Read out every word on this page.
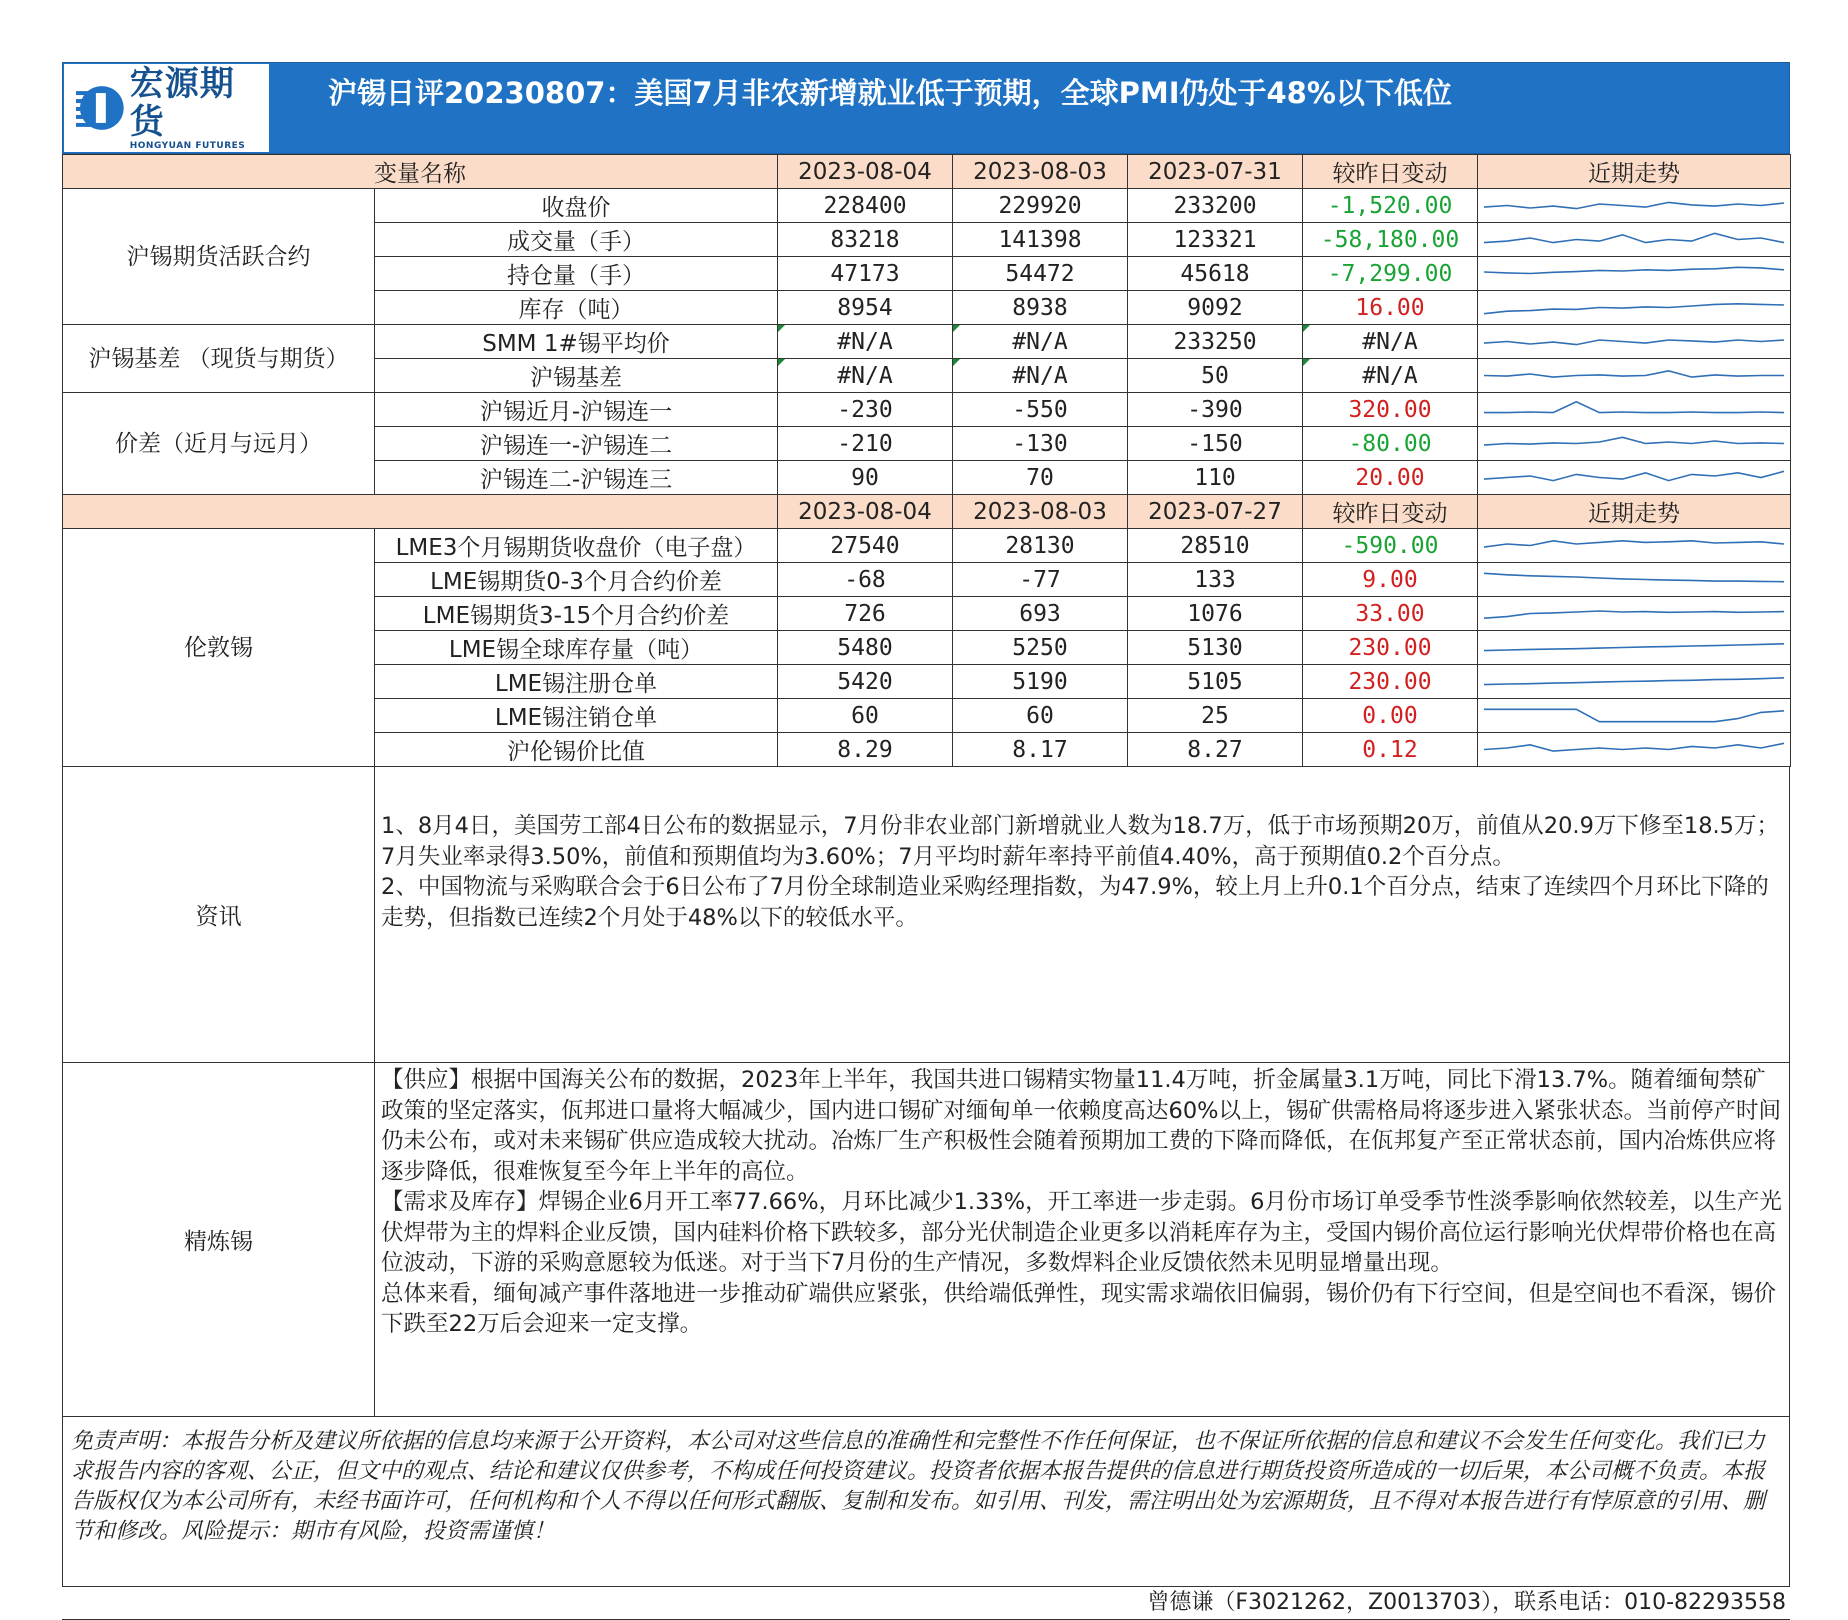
宏源期货
HONGYUAN FUTURES
沪锡日评20230807：美国7月非农新增就业低于预期，全球PMI仍处于48%以下低位
变量名称		2023-08-04	2023-08-03	2023-07-31	较昨日变动	近期走势
沪锡期货活跃合约	收盘价	228400	229920	233200	-1,520.00	

	成交量（手）	83218	141398	123321	-58,180.00	

	持仓量（手）	47173	54472	45618	-7,299.00	

	库存（吨）	8954	8938	9092	16.00	

沪锡基差 （现货与期货）	SMM 1#锡平均价	#N/A	#N/A	233250	#N/A	

	沪锡基差	#N/A	#N/A	50	#N/A	

价差（近月与远月）	沪锡近月-沪锡连一	-230	-550	-390	320.00	

	沪锡连一-沪锡连二	-210	-130	-150	-80.00	

	沪锡连二-沪锡连三	90	70	110	20.00	

		2023-08-04	2023-08-03	2023-07-27	较昨日变动	近期走势
伦敦锡	LME3个月锡期货收盘价（电子盘）	27540	28130	28510	-590.00	

	LME锡期货0-3个月合约价差	-68	-77	133	9.00	

	LME锡期货3-15个月合约价差	726	693	1076	33.00	

	LME锡全球库存量（吨）	5480	5250	5130	230.00	

	LME锡注册仓单	5420	5190	5105	230.00	

	LME锡注销仓单	60	60	25	0.00	

	沪伦锡价比值	8.29	8.17	8.27	0.12	
资讯

1、8月4日，美国劳工部4日公布的数据显示，7月份非农业部门新增就业人数为18.7万，低于市场预期20万，前值从20.9万下修至18.5万；7月失业率录得3.50%，前值和预期值均为3.60%；7月平均时薪年率持平前值4.40%，高于预期值0.2个百分点。

2、中国物流与采购联合会于6日公布了7月份全球制造业采购经理指数，为47.9%，较上月上升0.1个百分点，结束了连续四个月环比下降的走势，但指数已连续2个月处于48%以下的较低水平。

精炼锡

【供应】根据中国海关公布的数据，2023年上半年，我国共进口锡精实物量11.4万吨，折金属量3.1万吨，同比下滑13.7%。随着缅甸禁矿政策的坚定落实，佤邦进口量将大幅减少，国内进口锡矿对缅甸单一依赖度高达60%以上，锡矿供需格局将逐步进入紧张状态。当前停产时间仍未公布，或对未来锡矿供应造成较大扰动。冶炼厂生产积极性会随着预期加工费的下降而降低，在佤邦复产至正常状态前，国内冶炼供应将逐步降低，很难恢复至今年上半年的高位。

【需求及库存】焊锡企业6月开工率77.66%，月环比减少1.33%，开工率进一步走弱。6月份市场订单受季节性淡季影响依然较差，以生产光伏焊带为主的焊料企业反馈，国内硅料价格下跌较多，部分光伏制造企业更多以消耗库存为主，受国内锡价高位运行影响光伏焊带价格也在高位波动，下游的采购意愿较为低迷。对于当下7月份的生产情况，多数焊料企业反馈依然未见明显增量出现。

总体来看，缅甸减产事件落地进一步推动矿端供应紧张，供给端低弹性，现实需求端依旧偏弱，锡价仍有下行空间，但是空间也不看深，锡价下跌至22万后会迎来一定支撑。

免责声明：本报告分析及建议所依据的信息均来源于公开资料，本公司对这些信息的准确性和完整性不作任何保证，也不保证所依据的信息和建议不会发生任何变化。我们已力求报告内容的客观、公正，但文中的观点、结论和建议仅供参考，不构成任何投资建议。投资者依据本报告提供的信息进行期货投资所造成的一切后果，本公司概不负责。本报告版权仅为本公司所有，未经书面许可，任何机构和个人不得以任何形式翻版、复制和发布。如引用、刊发，需注明出处为宏源期货，且不得对本报告进行有悖原意的引用、删节和修改。风险提示：期市有风险，投资需谨慎！
曾德谦（F3021262，Z0013703），联系电话：010-82293558
